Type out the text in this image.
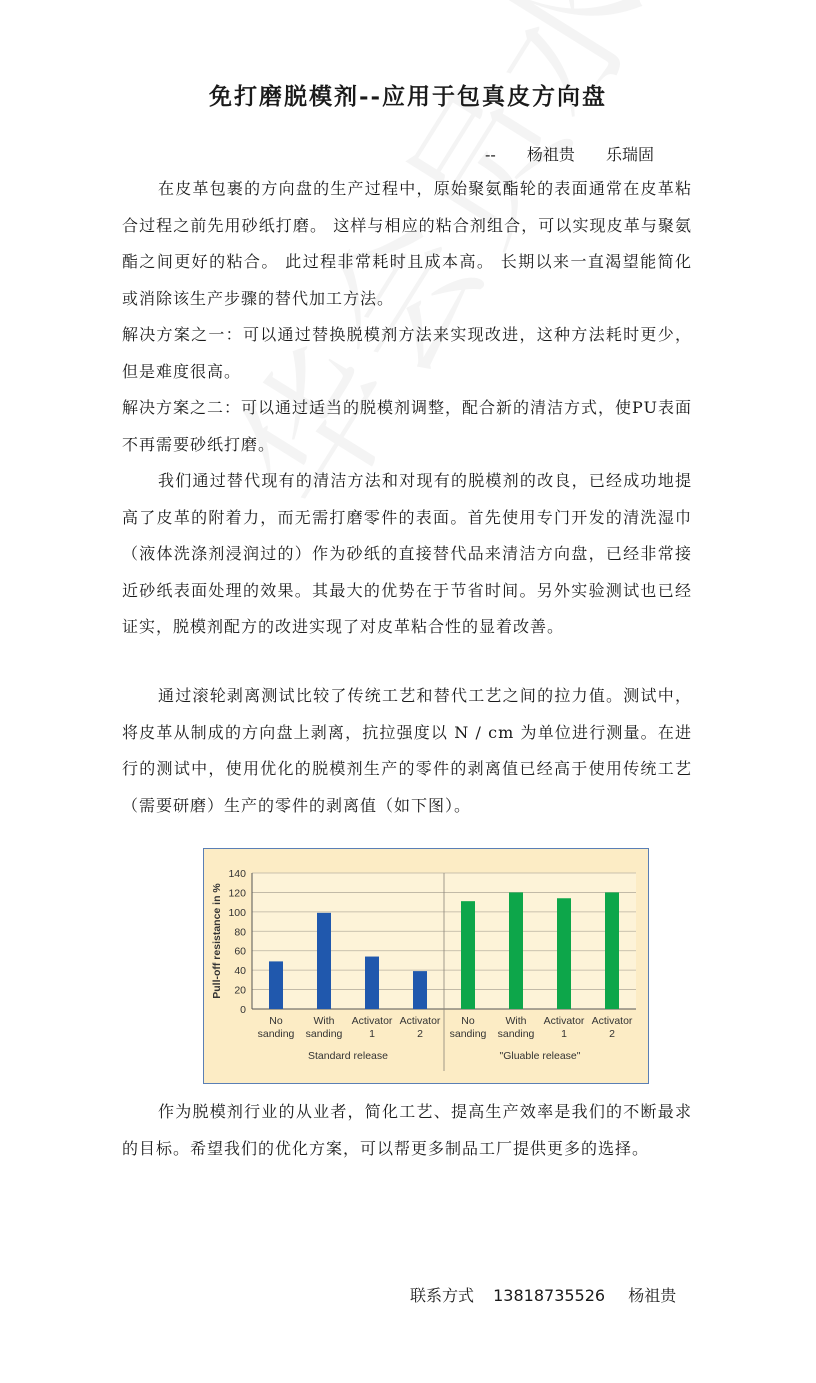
免打磨脱模剂--应用于包真皮方向盘
-- 杨祖贵 乐瑞固

在皮革包裹的方向盘的生产过程中，原始聚氨酯轮的表面通常在皮革粘合过程之前先用砂纸打磨。 这样与相应的粘合剂组合，可以实现皮革与聚氨酯之间更好的粘合。 此过程非常耗时且成本高。 长期以来一直渴望能简化或消除该生产步骤的替代加工方法。

解决方案之一：可以通过替换脱模剂方法来实现改进，这种方法耗时更少，但是难度很高。

解决方案之二：可以通过适当的脱模剂调整，配合新的清洁方式，使PU表面不再需要砂纸打磨。

我们通过替代现有的清洁方法和对现有的脱模剂的改良，已经成功地提高了皮革的附着力，而无需打磨零件的表面。首先使用专门开发的清洗湿巾（液体洗涤剂浸润过的）作为砂纸的直接替代品来清洁方向盘，已经非常接近砂纸表面处理的效果。其最大的优势在于节省时间。另外实验测试也已经证实，脱模剂配方的改进实现了对皮革粘合性的显着改善。

通过滚轮剥离测试比较了传统工艺和替代工艺之间的拉力值。测试中，将皮革从制成的方向盘上剥离，抗拉强度以 N / cm 为单位进行测量。在进行的测试中，使用优化的脱模剂生产的零件的剥离值已经高于使用传统工艺（需要研磨）生产的零件的剥离值（如下图）。

0
20
40
60
80
100
120
140
Pull-off resistance in %
No
sanding
With
sanding
Activator
1
Activator
2
Standard release
No
sanding
With
sanding
Activator
1
Activator
2
"Gluable release"

作为脱模剂行业的从业者，简化工艺、提高生产效率是我们的不断最求的目标。希望我们的优化方案，可以帮更多制品工厂提供更多的选择。

联系方式 13818735526 杨祖贵
